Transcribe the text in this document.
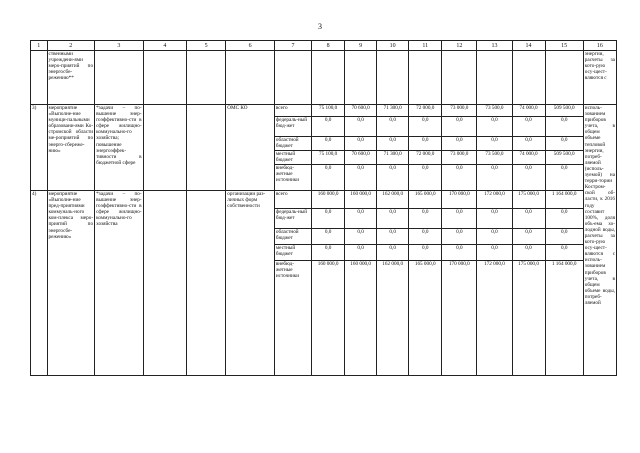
3
1	2	3	4	5	6	7	8	9	10	11	12	13	14	15	16
	ственными учреждени-ями меро-приятий по энергосбе-режению**														энергии, расчеты за кото-рую осу-щест-вляются с
3)	мероприятие «Выполне-ние муници-пальными образовани-ями Ко-стромской области ме-роприятий по энерго-сбереже-нию»	*задачи – по-вышение энер-гоэффективно-сти в сфере жилищно-коммунально-го хозяйства; повышение энергоэффек-тивности в бюджетной сфере			ОМС КО	всего	75 100,0	70 600,0	71 300,0	72 000,0	73 000,0	73 500,0	74 000,0	509 500,0	исполь-зованием приборов учета, в общем объеме тепловой энергии, потреб-ляемой (исполь-зуемой) на терри-тории Костром-ской об-ласти, к 2016 году составит 100%, доля объ-ема хо-лодной воды, расчеты за кото-рую осу-щест-вляются с исполь-зованием приборов учета, в общем объеме воды, потреб-ляемой
						федераль-ный бюд-жет	0,0	0,0	0,0	0,0	0,0	0,0	0,0	0,0	
						областной бюджет	0,0	0,0	0,0	0,0	0,0	0,0	0,0	0,0	
						местный бюджет	75 100,0	70 600,0	71 300,0	72 000,0	73 000,0	73 500,0	74 000,0	509 500,0	
						внебюд-жетные источники	0,0	0,0	0,0	0,0	0,0	0,0	0,0	0,0	
4)	мероприятие «Выполне-ние пред-приятиями коммуналь-ного ком-плекса меро-приятий по энергосбе-режению»	*задачи – по-вышение энер-гоэффективно-сти в сфере жилищно-коммунально-го хозяйства			организации раз-личных форм собственности	всего	160 000,0	160 000,0	162 000,0	165 000,0	170 000,0	172 000,0	175 000,0	1 164 000,0	
						федераль-ный бюд-жет	0,0	0,0	0,0	0,0	0,0	0,0	0,0	0,0	
						областной бюджет	0,0	0,0	0,0	0,0	0,0	0,0	0,0	0,0	
						местный бюджет	0,0	0,0	0,0	0,0	0,0	0,0	0,0	0,0	
						внебюд-жетные источники	160 000,0	160 000,0	162 000,0	165 000,0	170 000,0	172 000,0	175 000,0	1 164 000,0	
